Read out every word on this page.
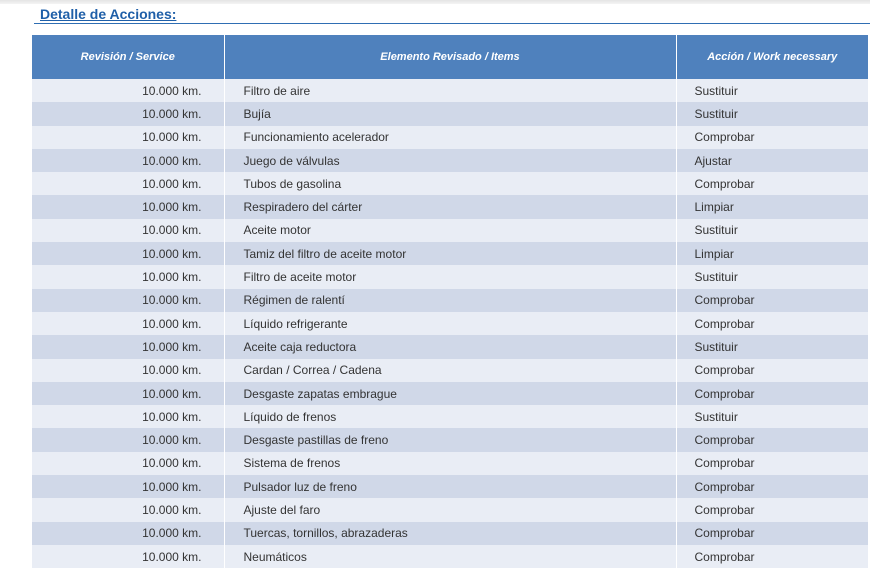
Detalle de Acciones:
Revisión / Service	Elemento Revisado / Items	Acción / Work necessary
10.000 km.	Filtro de aire	Sustituir
10.000 km.	Bujía	Sustituir
10.000 km.	Funcionamiento acelerador	Comprobar
10.000 km.	Juego de válvulas	Ajustar
10.000 km.	Tubos de gasolina	Comprobar
10.000 km.	Respiradero del cárter	Limpiar
10.000 km.	Aceite motor	Sustituir
10.000 km.	Tamiz del filtro de aceite motor	Limpiar
10.000 km.	Filtro de aceite motor	Sustituir
10.000 km.	Régimen de ralentí	Comprobar
10.000 km.	Líquido refrigerante	Comprobar
10.000 km.	Aceite caja reductora	Sustituir
10.000 km.	Cardan / Correa / Cadena	Comprobar
10.000 km.	Desgaste zapatas embrague	Comprobar
10.000 km.	Líquido de frenos	Sustituir
10.000 km.	Desgaste pastillas de freno	Comprobar
10.000 km.	Sistema de frenos	Comprobar
10.000 km.	Pulsador luz de freno	Comprobar
10.000 km.	Ajuste del faro	Comprobar
10.000 km.	Tuercas, tornillos, abrazaderas	Comprobar
10.000 km.	Neumáticos	Comprobar
